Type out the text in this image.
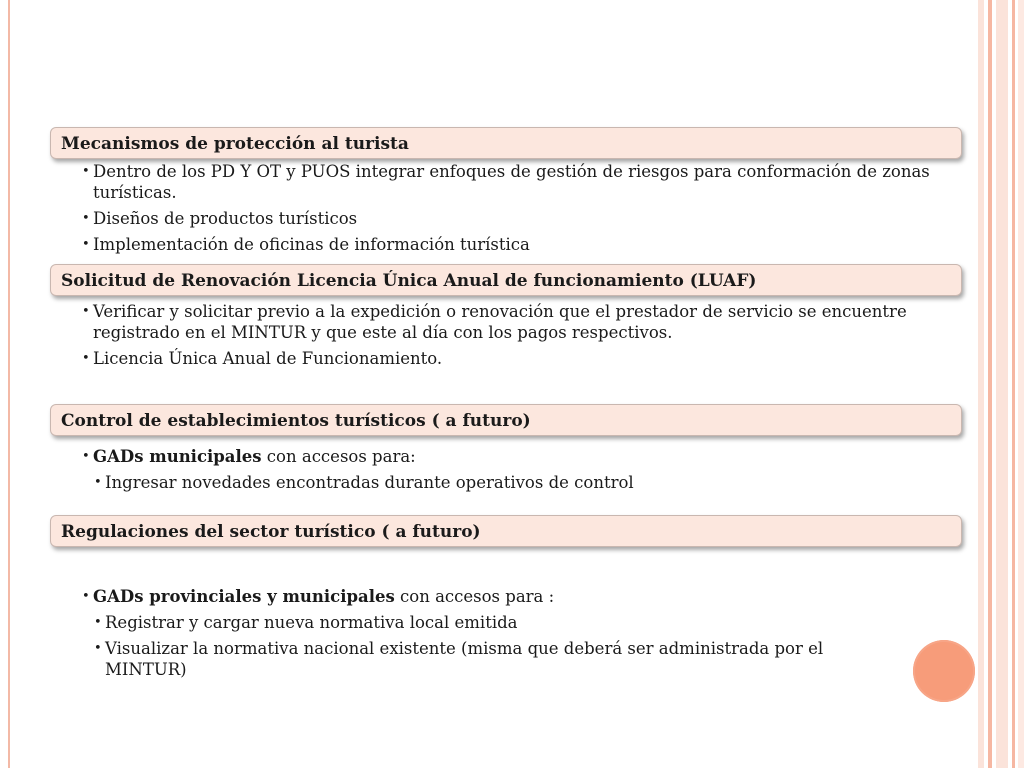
Mecanismos de protección al turista
• Dentro de los PD Y OT y PUOS integrar enfoques de gestión de riesgos para conformación de zonas turísticas.
• Diseños de productos turísticos
• Implementación de oficinas de información turística
Solicitud de Renovación Licencia Única Anual de funcionamiento (LUAF)
• Verificar y solicitar previo a la expedición o renovación que el prestador de servicio se encuentre registrado en el MINTUR y que este al día con los pagos respectivos.
• Licencia Única Anual de Funcionamiento.
Control de establecimientos turísticos ( a futuro)
• GADs municipales con accesos para:
• Ingresar novedades encontradas durante operativos de control
Regulaciones del sector turístico ( a futuro)
• GADs provinciales y municipales con accesos para :
• Registrar y cargar nueva normativa local emitida
• Visualizar la normativa nacional existente (misma que deberá ser administrada por el MINTUR)
